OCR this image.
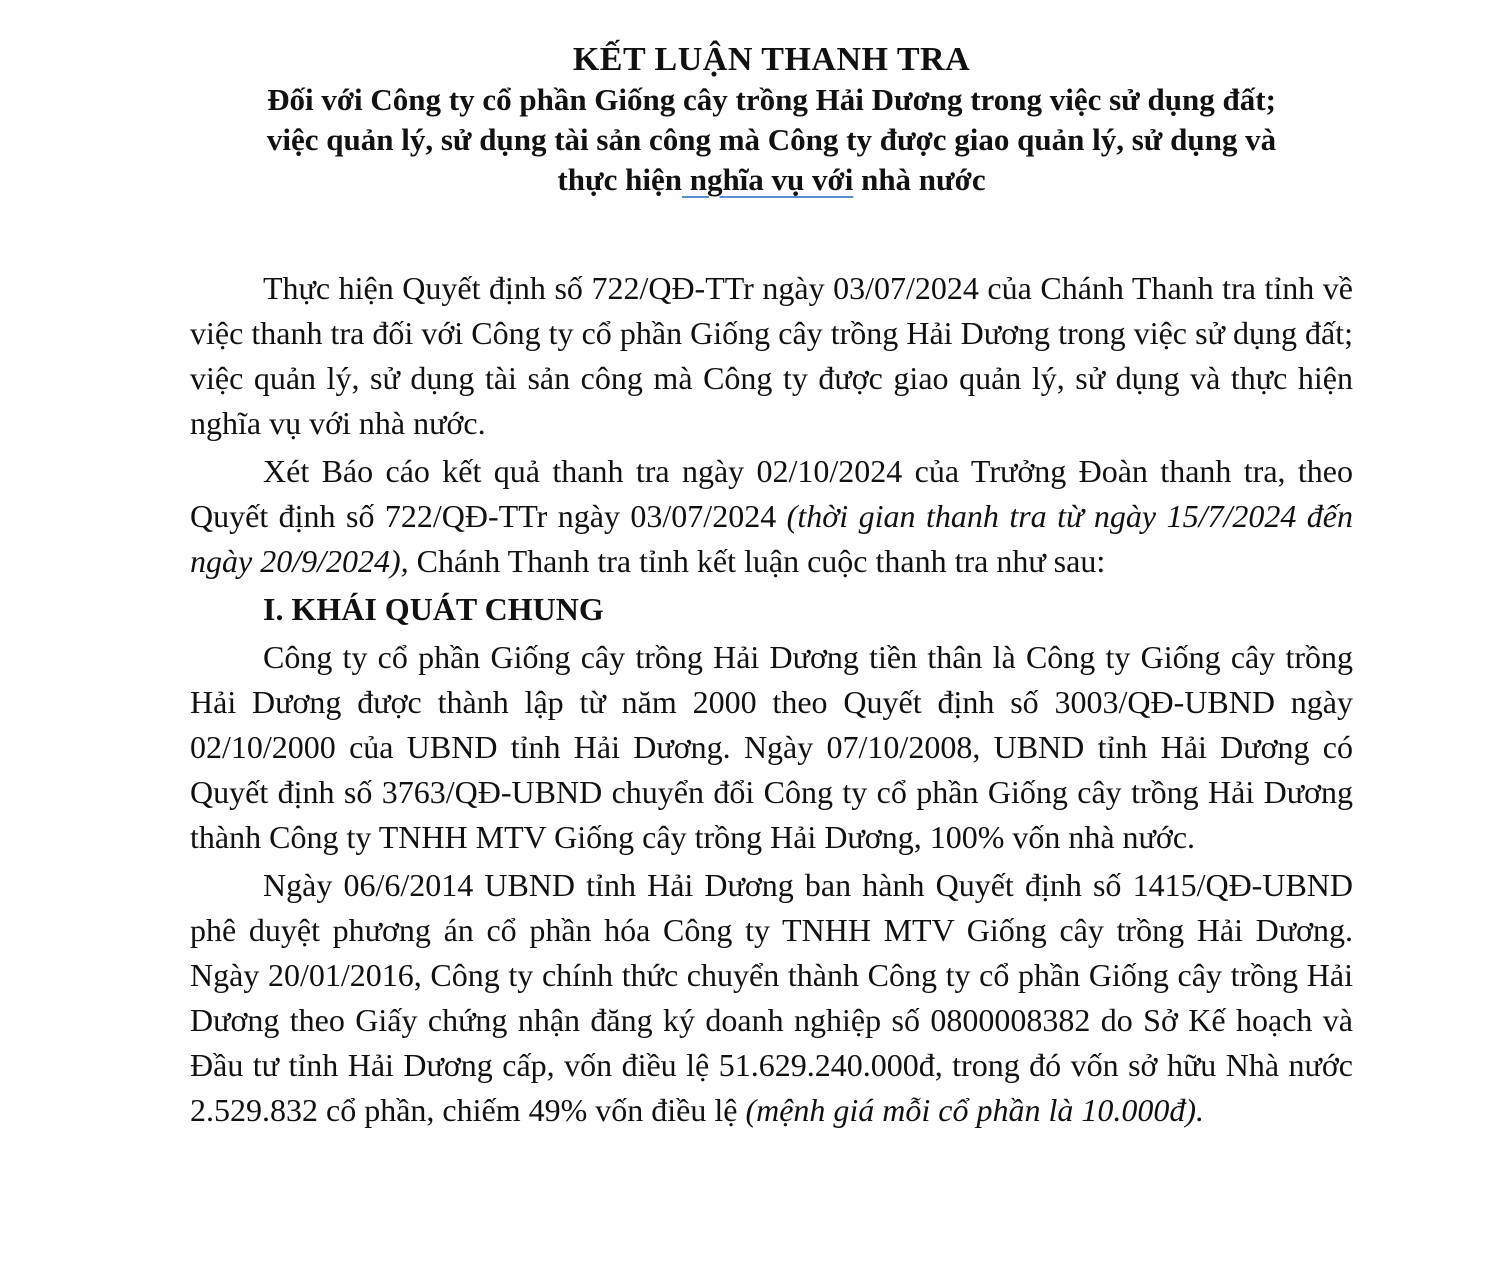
KẾT LUẬN THANH TRA
Đối với Công ty cổ phần Giống cây trồng Hải Dương trong việc sử dụng đất;
việc quản lý, sử dụng tài sản công mà Công ty được giao quản lý, sử dụng và
thực hiện nghĩa vụ với nhà nước

Thực hiện Quyết định số 722/QĐ-TTr ngày 03/07/2024 của Chánh Thanh tra tỉnh về việc thanh tra đối với Công ty cổ phần Giống cây trồng Hải Dương trong việc sử dụng đất; việc quản lý, sử dụng tài sản công mà Công ty được giao quản lý, sử dụng và thực hiện nghĩa vụ với nhà nước.

Xét Báo cáo kết quả thanh tra ngày 02/10/2024 của Trưởng Đoàn thanh tra, theo Quyết định số 722/QĐ-TTr ngày 03/07/2024 (thời gian thanh tra từ ngày 15/7/2024 đến ngày 20/9/2024), Chánh Thanh tra tỉnh kết luận cuộc thanh tra như sau:

I. KHÁI QUÁT CHUNG

Công ty cổ phần Giống cây trồng Hải Dương tiền thân là Công ty Giống cây trồng Hải Dương được thành lập từ năm 2000 theo Quyết định số 3003/QĐ-UBND ngày 02/10/2000 của UBND tỉnh Hải Dương. Ngày 07/10/2008, UBND tỉnh Hải Dương có Quyết định số 3763/QĐ-UBND chuyển đổi Công ty cổ phần Giống cây trồng Hải Dương thành Công ty TNHH MTV Giống cây trồng Hải Dương, 100% vốn nhà nước.

Ngày 06/6/2014 UBND tỉnh Hải Dương ban hành Quyết định số 1415/QĐ-UBND phê duyệt phương án cổ phần hóa Công ty TNHH MTV Giống cây trồng Hải Dương. Ngày 20/01/2016, Công ty chính thức chuyển thành Công ty cổ phần Giống cây trồng Hải Dương theo Giấy chứng nhận đăng ký doanh nghiệp số 0800008382 do Sở Kế hoạch và Đầu tư tỉnh Hải Dương cấp, vốn điều lệ 51.629.240.000đ, trong đó vốn sở hữu Nhà nước 2.529.832 cổ phần, chiếm 49% vốn điều lệ (mệnh giá mỗi cổ phần là 10.000đ).
